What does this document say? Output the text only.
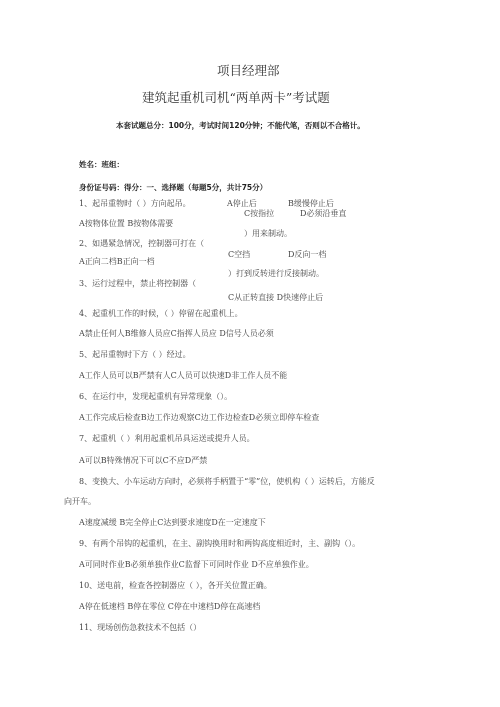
项目经理部
建筑起重机司机“两单两卡”考试题
本套试题总分：100分，考试时间120分钟；不能代笔，否则以不合格计。
姓名：班组：
身份证号码：得分：一、选择题（每题5分，共计75分）
1、起吊重物时（ ）方向起吊。	A停止后	B缓慢停止后
C按指拉	D必须沿垂直
A按物体位置 B按物体需要
）用来制动。
2、如遇紧急情况，控制器可打在（
C空挡	D反向一档
A正向二档B正向一档
）打到反转进行反接制动。
3、运行过程中，禁止将控制器（
C从正转直接 D快速停止后
4、起重机工作的时候，（ ）停留在起重机上。
A禁止任何人B维修人员应C指挥人员应 D信号人员必须
5、起吊重物时下方（ ）经过。
A工作人员可以B严禁有人C人员可以快速D非工作人员不能
6、在运行中，发现起重机有异常现象（）。
A工作完成后检查B边工作边观察C边工作边检查D必须立即停车检查
7、起重机（ ）利用起重机吊具运送或提升人员。
A可以B特殊情况下可以C不应D严禁
8、变换大、小车运动方向时，必须将手柄置于“零”位，使机构（ ）运转后，方能反
向开车。
A速度减缓 B完全停止C达到要求速度D在一定速度下
9、有两个吊钩的起重机，在主、副钩换用时和两钩高度相近时，主、副钩（）。
A可同时作业B必须单独作业C监督下可同时作业 D不应单独作业。
10、送电前，检查各控制器应（ ），各开关位置正确。
A停在低速档 B停在零位 C停在中速档D停在高速档
11、现场创伤急救技术不包括（）
